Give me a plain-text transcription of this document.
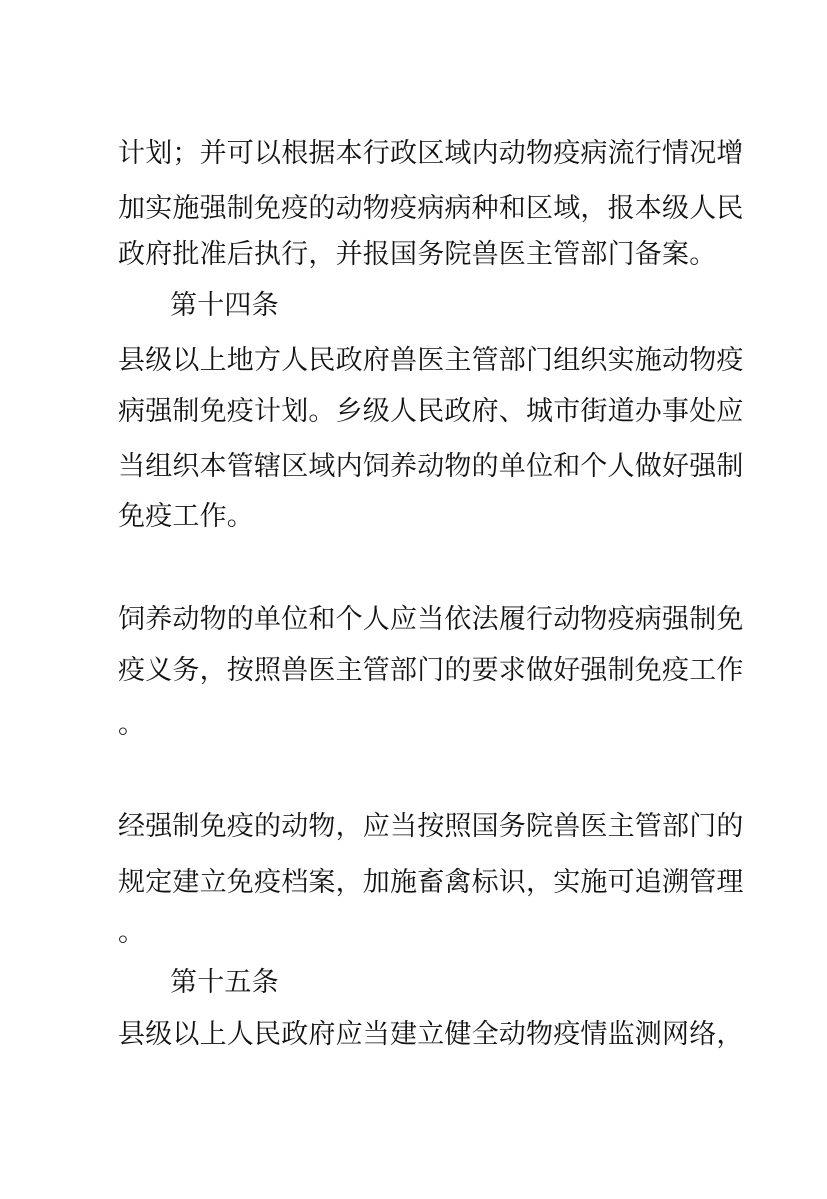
计划；并可以根据本行政区域内动物疫病流行情况增
加实施强制免疫的动物疫病病种和区域，报本级人民
政府批准后执行，并报国务院兽医主管部门备案。
第十四条
县级以上地方人民政府兽医主管部门组织实施动物疫
病强制免疫计划。乡级人民政府、城市街道办事处应
当组织本管辖区域内饲养动物的单位和个人做好强制
免疫工作。
饲养动物的单位和个人应当依法履行动物疫病强制免
疫义务，按照兽医主管部门的要求做好强制免疫工作
。
经强制免疫的动物，应当按照国务院兽医主管部门的
规定建立免疫档案，加施畜禽标识，实施可追溯管理
。
第十五条
县级以上人民政府应当建立健全动物疫情监测网络，
